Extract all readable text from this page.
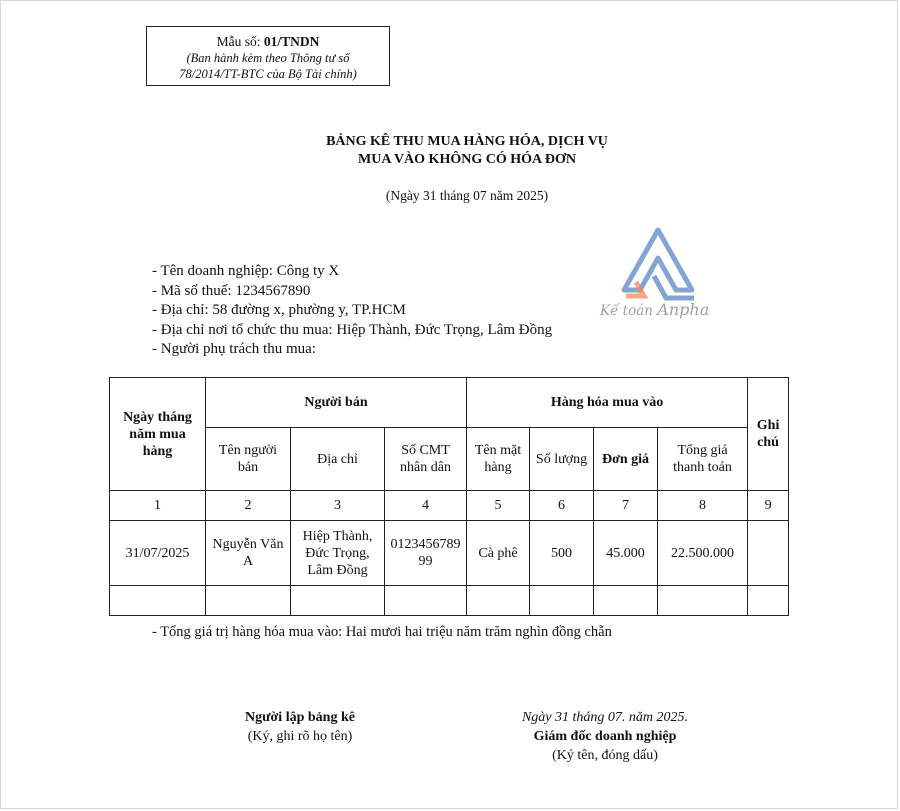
Mẫu số: 01/TNDN
(Ban hành kèm theo Thông tư số
78/2014/TT-BTC của Bộ Tài chính)
BẢNG KÊ THU MUA HÀNG HÓA, DỊCH VỤ
MUA VÀO KHÔNG CÓ HÓA ĐƠN
(Ngày 31 tháng 07 năm 2025)
- Tên doanh nghiệp: Công ty X
- Mã số thuế: 1234567890
- Địa chỉ: 58 đường x, phường y, TP.HCM
- Địa chỉ nơi tổ chức thu mua: Hiệp Thành, Đức Trọng, Lâm Đồng
- Người phụ trách thu mua:
Kế toán Anpha
Ngày tháng năm mua hàng	Người bán			Hàng hóa mua vào				Ghi chú
	Tên người bán	Địa chỉ	Số CMT nhân dân	Tên mặt hàng	Số lượng	Đơn giá	Tổng giá thanh toán	
1	2	3	4	5	6	7	8	9
31/07/2025	Nguyễn Văn A	Hiệp Thành, Đức Trọng, Lâm Đồng	012345678999	Cà phê	500	45.000	22.500.000	

- Tổng giá trị hàng hóa mua vào: Hai mươi hai triệu năm trăm nghìn đồng chẵn
Người lập bảng kê
(Ký, ghi rõ họ tên)
Ngày 31 tháng 07. năm 2025.
Giám đốc doanh nghiệp
(Ký tên, đóng dấu)
